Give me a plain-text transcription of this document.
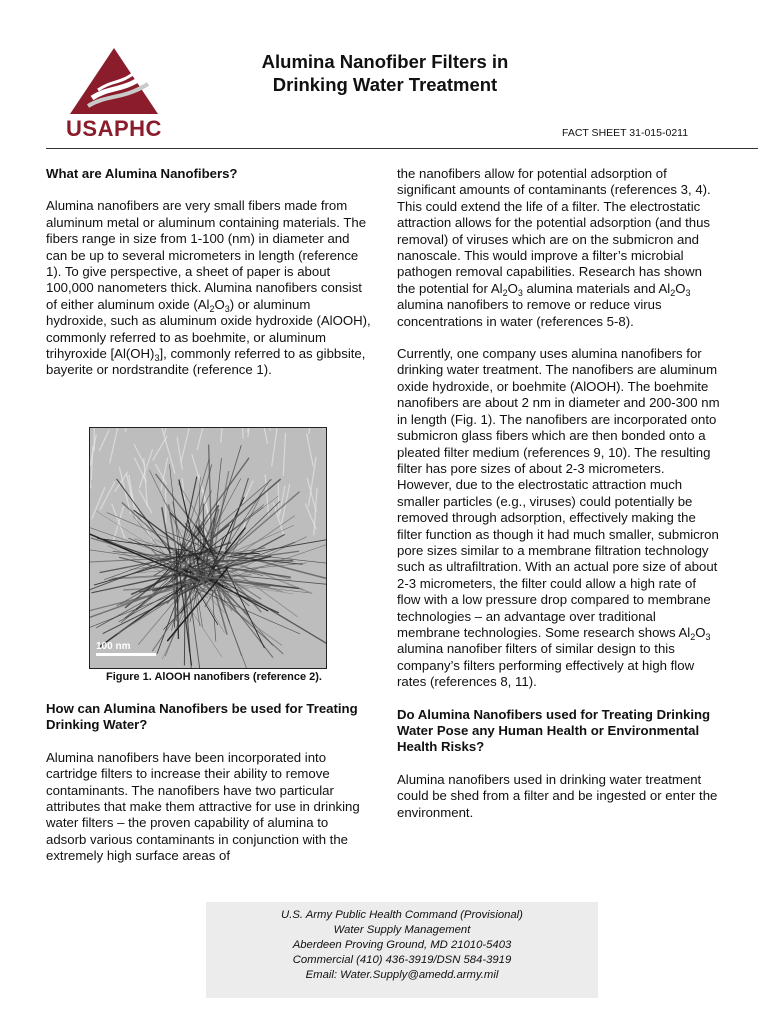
USAPHC
Alumina Nanofiber Filters in
Drinking Water Treatment
FACT SHEET 31-015-0211
What are Alumina Nanofibers?

Alumina nanofibers are very small fibers made from aluminum metal or aluminum containing materials. The fibers range in size from 1-100 (nm) in diameter and can be up to several micrometers in length (reference 1). To give perspective, a sheet of paper is about 100,000 nanometers thick. Alumina nanofibers consist of either aluminum oxide $(Al_2O_3)$ or aluminum hydroxide, such as aluminum oxide hydroxide (AlOOH), commonly referred to as boehmite, or aluminum trihyroxide $[Al(OH)_3]$, commonly referred to as gibbsite, bayerite or nordstrandite (reference 1).

100 nm
Figure 1. AlOOH nanofibers (reference 2).
How can Alumina Nanofibers be used for Treating Drinking Water?

Alumina nanofibers have been incorporated into cartridge filters to increase their ability to remove contaminants. The nanofibers have two particular attributes that make them attractive for use in drinking water filters – the proven capability of alumina to adsorb various contaminants in conjunction with the extremely high surface areas of

the nanofibers allow for potential adsorption of significant amounts of contaminants (references 3, 4). This could extend the life of a filter. The electrostatic attraction allows for the potential adsorption (and thus removal) of viruses which are on the submicron and nanoscale. This would improve a filter’s microbial pathogen removal capabilities. Research has shown the potential for $Al_2O_3$ alumina materials and $Al_2O_3$ alumina nanofibers to remove or reduce virus concentrations in water (references 5-8).

Currently, one company uses alumina nanofibers for drinking water treatment. The nanofibers are aluminum oxide hydroxide, or boehmite (AlOOH). The boehmite nanofibers are about 2 nm in diameter and 200-300 nm in length (Fig. 1). The nanofibers are incorporated onto submicron glass fibers which are then bonded onto a pleated filter medium (references 9, 10). The resulting filter has pore sizes of about 2-3 micrometers. However, due to the electrostatic attraction much smaller particles (e.g., viruses) could potentially be removed through adsorption, effectively making the filter function as though it had much smaller, submicron pore sizes similar to a membrane filtration technology such as ultrafiltration. With an actual pore size of about 2-3 micrometers, the filter could allow a high rate of flow with a low pressure drop compared to membrane technologies – an advantage over traditional membrane technologies. Some research shows $Al_2O_3$ alumina nanofiber filters of similar design to this company’s filters performing effectively at high flow rates (references 8, 11).

Do Alumina Nanofibers used for Treating Drinking Water Pose any Human Health or Environmental Health Risks?

Alumina nanofibers used in drinking water treatment could be shed from a filter and be ingested or enter the environment.

U.S. Army Public Health Command (Provisional)
Water Supply Management
Aberdeen Proving Ground, MD 21010-5403
Commercial (410) 436-3919/DSN 584-3919
Email: Water.Supply@amedd.army.mil
